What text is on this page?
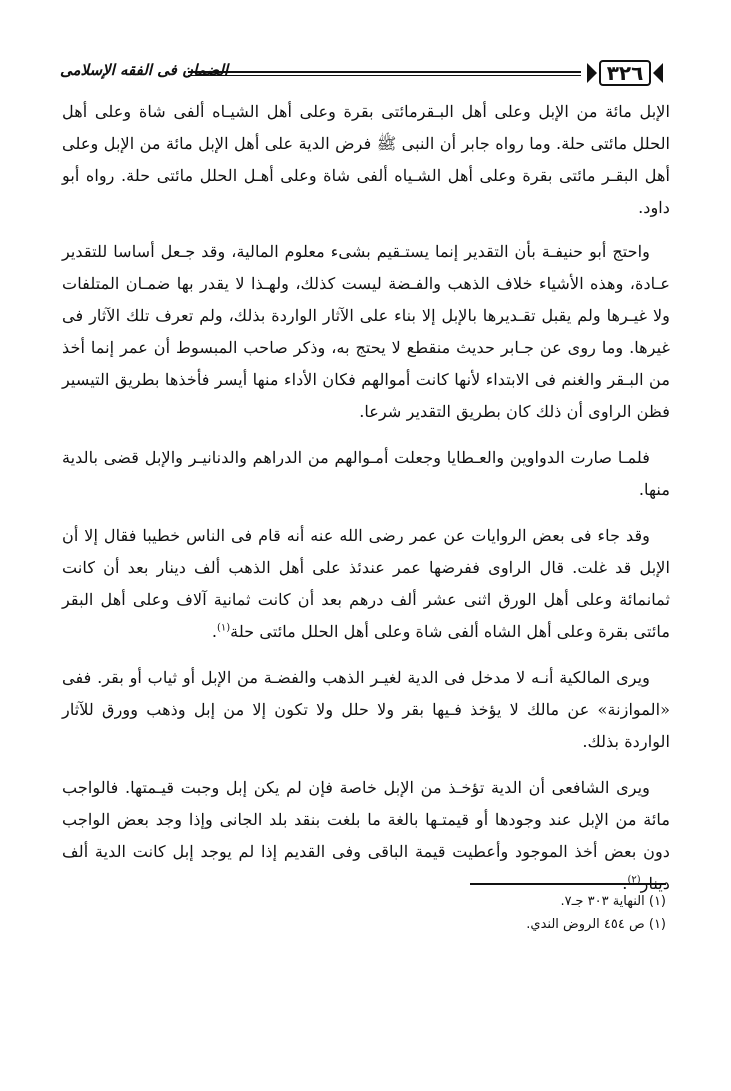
الضمان فى الفقه الإسلامى	٣٢٦

الإبل مائة من الإبل وعلى أهل البـقرمائتى بقرة وعلى أهل الشيـاه ألفى شاة وعلى أهل الحلل مائتى حلة. وما رواه جابر أن النبى ﷺ فرض الدية على أهل الإبل مائة من الإبل وعلى أهل البقـر مائتى بقرة وعلى أهل الشـياه ألفى شاة وعلى أهـل الحلل مائتى حلة. رواه أبو داود.

واحتج أبو حنيفـة بأن التقدير إنما يستـقيم بشىء معلوم المالية، وقد جـعل أساسا للتقدير عـادة، وهذه الأشياء خلاف الذهب والفـضة ليست كذلك، ولهـذا لا يقدر بها ضمـان المتلفات ولا غيـرها ولم يقبل تقـديرها بالإبل إلا بناء على الآثار الواردة بذلك، ولم تعرف تلك الآثار فى غيرها. وما روى عن جـابر حديث منقطع لا يحتج به، وذكر صاحب المبسوط أن عمر إنما أخذ من البـقر والغنم فى الابتداء لأنها كانت أموالهم فكان الأداء منها أيسر فأخذها بطريق التيسير فظن الراوى أن ذلك كان بطريق التقدير شرعا.

فلمـا صارت الدواوين والعـطايا وجعلت أمـوالهم من الدراهم والدنانيـر والإبل قضى بالدية منها.

وقد جاء فى بعض الروايات عن عمر رضى الله عنه أنه قام فى الناس خطيبا فقال إلا أن الإبل قد غلت. قال الراوى ففرضها عمر عندئذ على أهل الذهب ألف دينار بعد أن كانت ثمانمائة وعلى أهل الورق اثنى عشر ألف درهم بعد أن كانت ثمانية آلاف وعلى أهل البقر مائتى بقرة وعلى أهل الشاه ألفى شاة وعلى أهل الحلل مائتى حلة$^{(١)}$.

ويرى المالكية أنـه لا مدخل فى الدية لغيـر الذهب والفضـة من الإبل أو ثياب أو بقر. ففى «الموازنة» عن مالك لا يؤخذ فـيها بقر ولا حلل ولا تكون إلا من إبل وذهب وورق للآثار الواردة بذلك.

ويرى الشافعى أن الدية تؤخـذ من الإبل خاصة فإن لم يكن إبل وجبت قيـمتها. فالواجب مائة من الإبل عند وجودها أو قيمتـها بالغة ما بلغت بنقد بلد الجانى وإذا وجد بعض الواجب دون بعض أخذ الموجود وأعطيت قيمة الباقى وفى القديم إذا لم يوجد إبل كانت الدية ألف دينار$^{(٢)}$.

(١) النهاية ٣٠٣ جـ٧.

(١) ص ٤٥٤ الروض الندي.
